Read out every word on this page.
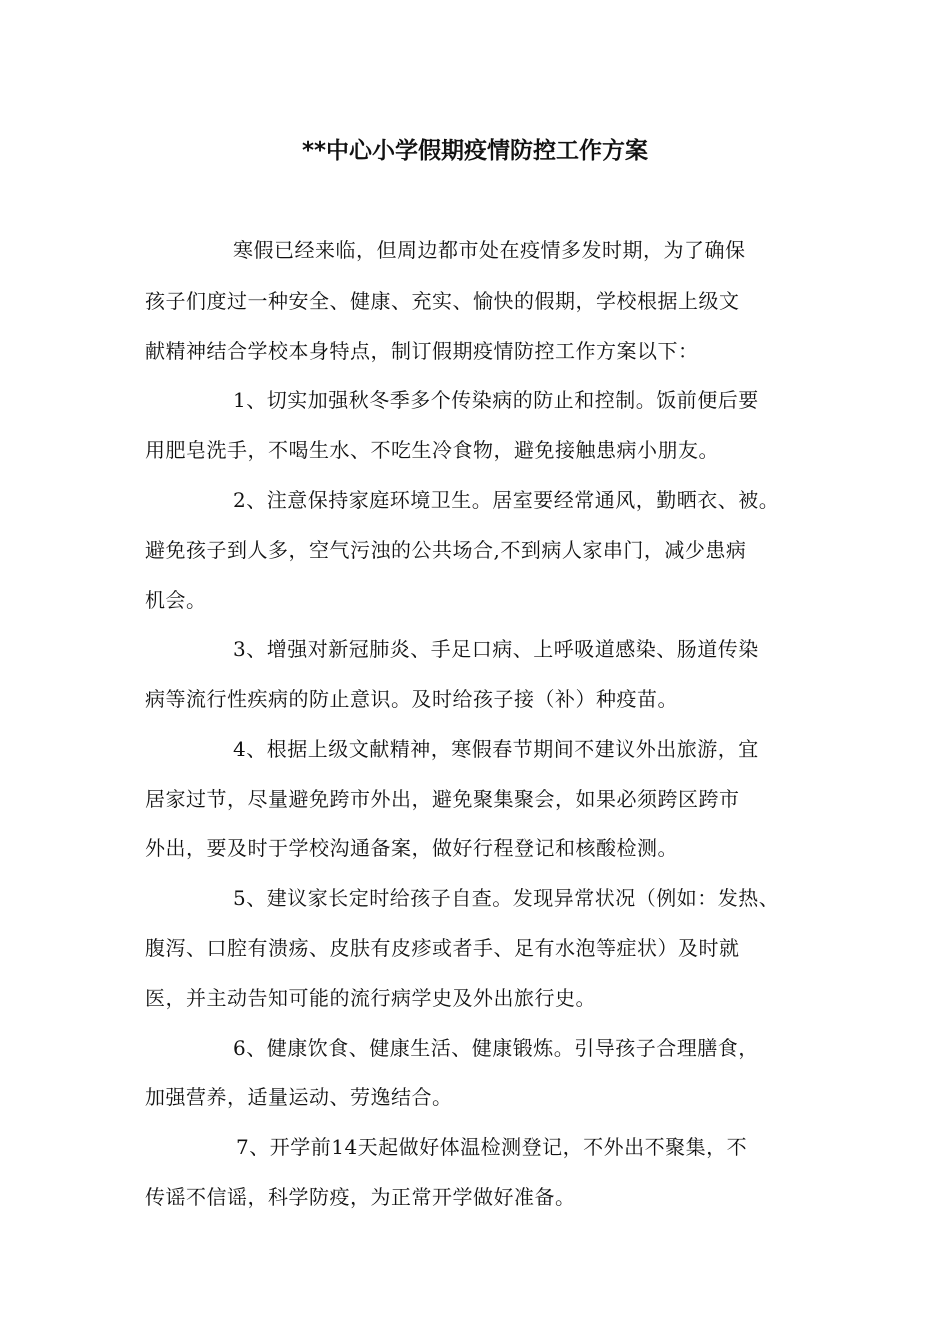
**中心小学假期疫情防控工作方案
寒假已经来临，但周边都市处在疫情多发时期，为了确保
孩子们度过一种安全、健康、充实、愉快的假期，学校根据上级文
献精神结合学校本身特点，制订假期疫情防控工作方案以下：
1、切实加强秋冬季多个传染病的防止和控制。饭前便后要
用肥皂洗手，不喝生水、不吃生冷食物，避免接触患病小朋友。
2、注意保持家庭环境卫生。居室要经常通风，勤晒衣、被。
避免孩子到人多，空气污浊的公共场合,不到病人家串门，减少患病
机会。
3、增强对新冠肺炎、手足口病、上呼吸道感染、肠道传染
病等流行性疾病的防止意识。及时给孩子接（补）种疫苗。
4、根据上级文献精神，寒假春节期间不建议外出旅游，宜
居家过节，尽量避免跨市外出，避免聚集聚会，如果必须跨区跨市
外出，要及时于学校沟通备案，做好行程登记和核酸检测。
5、建议家长定时给孩子自查。发现异常状况（例如：发热、
腹泻、口腔有溃疡、皮肤有皮疹或者手、足有水泡等症状）及时就
医，并主动告知可能的流行病学史及外出旅行史。
6、健康饮食、健康生活、健康锻炼。引导孩子合理膳食，
加强营养，适量运动、劳逸结合。
7、开学前14天起做好体温检测登记，不外出不聚集，不
传谣不信谣，科学防疫，为正常开学做好准备。
